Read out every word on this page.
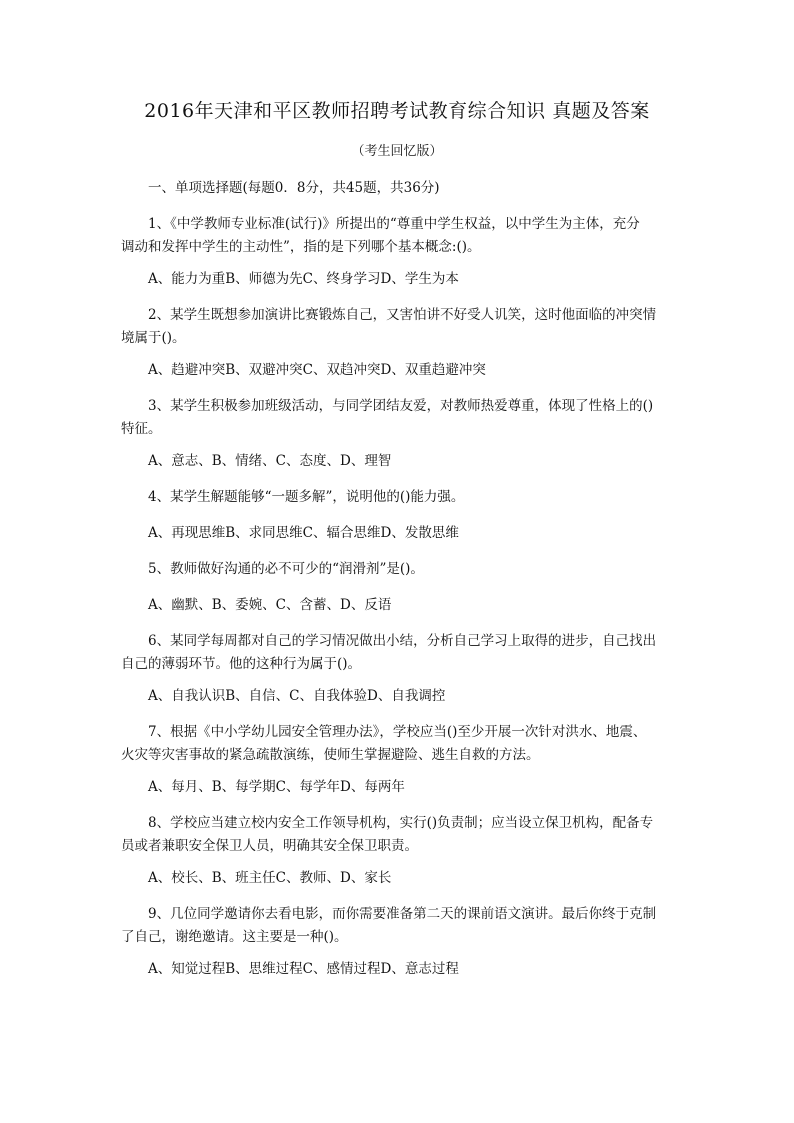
2016年天津和平区教师招聘考试教育综合知识 真题及答案
（考生回忆版）
一、单项选择题(每题0．8分，共45题，共36分)
1、《中学教师专业标准(试行)》所提出的“尊重中学生权益，以中学生为主体，充分
调动和发挥中学生的主动性”，指的是下列哪个基本概念:()。
A、能力为重B、师德为先C、终身学习D、学生为本
2、某学生既想参加演讲比赛锻炼自己，又害怕讲不好受人讥笑，这时他面临的冲突情
境属于()。
A、趋避冲突B、双避冲突C、双趋冲突D、双重趋避冲突
3、某学生积极参加班级活动，与同学团结友爱，对教师热爱尊重，体现了性格上的()
特征。
A、意志、B、情绪、C、态度、D、理智
4、某学生解题能够“一题多解”，说明他的()能力强。
A、再现思维B、求同思维C、辐合思维D、发散思维
5、教师做好沟通的必不可少的“润滑剂”是()。
A、幽默、B、委婉、C、含蓄、D、反语
6、某同学每周都对自己的学习情况做出小结，分析自己学习上取得的进步，自己找出
自己的薄弱环节。他的这种行为属于()。
A、自我认识B、自信、C、自我体验D、自我调控
7、根据《中小学幼儿园安全管理办法》，学校应当()至少开展一次针对洪水、地震、
火灾等灾害事故的紧急疏散演练，使师生掌握避险、逃生自救的方法。
A、每月、B、每学期C、每学年D、每两年
8、学校应当建立校内安全工作领导机构，实行()负责制；应当设立保卫机构，配备专
员或者兼职安全保卫人员，明确其安全保卫职责。
A、校长、B、班主任C、教师、D、家长
9、几位同学邀请你去看电影，而你需要准备第二天的课前语文演讲。最后你终于克制
了自己，谢绝邀请。这主要是一种()。
A、知觉过程B、思维过程C、感情过程D、意志过程
